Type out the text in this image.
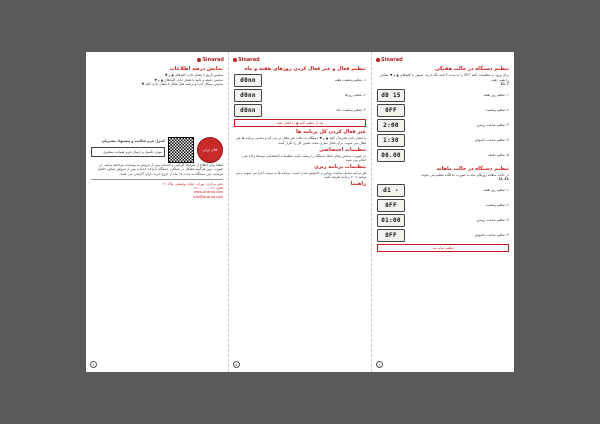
Sinarad
نمایش درصد اطلاعات
نمایش تاریخ با فشار دادن کلیدهای ▲ و ▼
نمایش دقیقه و ثانیه با فشار دادن کلیدهای ▲ و ▼
نمایش سیکل اجرا و برنامه های فعال با فشار دادن کلید ▼
کالای ایرانی
کنترل فرم شکایت و پیشنهاد مشتریان
موارد تکمیل و ارسال فرم ضمانت مشتری
لطفا برای اطلاع از شرایط گارانتی و خدمات پس از فروش به وبسایت مراجعه نمایید. در صورت بروز هرگونه مشکل در عملکرد دستگاه با واحد خدمات پس از فروش تماس حاصل فرمایید. این دستگاه به مدت ۱۸ ماه از تاریخ خرید دارای گارانتی می باشد.
دفتر مرکزی: تهران، خیابان ولیعصر، پلاک ۲۱
تلفن: ۰۲۱-۶۶۰۰۰۰۰۰
www.sinarad.com
info@sinarad.com
۶
Sinarad
تنظیم فعال و غیر فعال کردن روزهای هفته و ماه
۱- تنظیم وضعیت هفته
d0nn
۲- تنظیم روزها
d0nn
۳- تنظیم وضعیت ماه
d0nn
بعد از تنظیم کلید ▲ را فشار دهید
غیر فعال کردن کل برنامه ها
با فشار دادن همزمان کلید ▲ و ▼ دستگاه به حالت غیر فعال در می آید و تمامی برنامه ها غیر فعال می شوند. برای فعال سازی مجدد همین کار را تکرار کنید.
تنظیمات اختصاصی
در صورت نمایش پیغام خطا، دستگاه را ریست کنید. تنظیمات اختصاصی توسط واحد فنی انجام می شود.
تنظیمات برنامه ریزی
هر برنامه شامل ساعت روشن و خاموش شدن است. برنامه ها به ترتیب اجرا می شوند و می توانید تا ۲۰ برنامه تعریف کنید.
راهنما
۵
Sinarad
تنظیم دستگاه در حالت هفتگی
برای ورود به تنظیمات کلید SET را به مدت ۳ ثانیه نگه دارید. سپس با کلیدهای ▲ و ▼ مقادیر را تغییر دهید.
CL 7
۱- تنظیم روز هفته
d0 15
۲- تنظیم وضعیت
0FF
۳- تنظیم ساعت روشن
2:00
۴- تنظیم ساعت خاموش
1:30
۵- تنظیم دقیقه
00.00
تنظیم دستگاه در حالت ماهانه
در حالت ماهانه روزهای ماه به صورت جداگانه تنظیم می شوند.
CL 31
۱- تنظیم روز هفته
d1 -
۲- تنظیم وضعیت
0FF
۳- تنظیم ساعت روشن
01:00
۴- تنظیم ساعت خاموش
0FF
تنظیم تمام شد
۷
